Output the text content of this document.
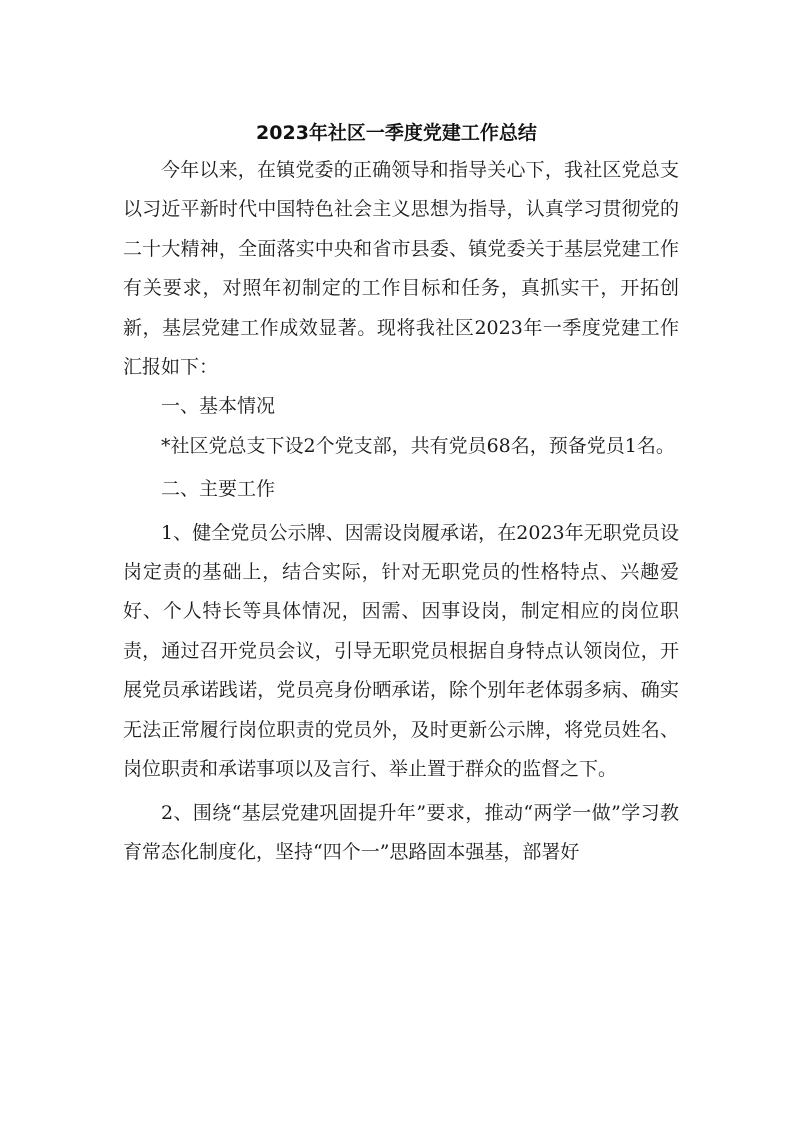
2023年社区一季度党建工作总结

今年以来，在镇党委的正确领导和指导关心下，我社区党总支以习近平新时代中国特色社会主义思想为指导，认真学习贯彻党的二十大精神，全面落实中央和省市县委、镇党委关于基层党建工作有关要求，对照年初制定的工作目标和任务，真抓实干，开拓创新，基层党建工作成效显著。现将我社区2023年一季度党建工作汇报如下：

一、基本情况

*社区党总支下设2个党支部，共有党员68名，预备党员1名。

二、主要工作

1、健全党员公示牌、因需设岗履承诺，在2023年无职党员设岗定责的基础上，结合实际，针对无职党员的性格特点、兴趣爱好、个人特长等具体情况，因需、因事设岗，制定相应的岗位职责，通过召开党员会议，引导无职党员根据自身特点认领岗位，开展党员承诺践诺，党员亮身份晒承诺，除个别年老体弱多病、确实无法正常履行岗位职责的党员外，及时更新公示牌，将党员姓名、岗位职责和承诺事项以及言行、举止置于群众的监督之下。

2、围绕“基层党建巩固提升年”要求，推动“两学一做”学习教育常态化制度化，坚持“四个一”思路固本强基，部署好
